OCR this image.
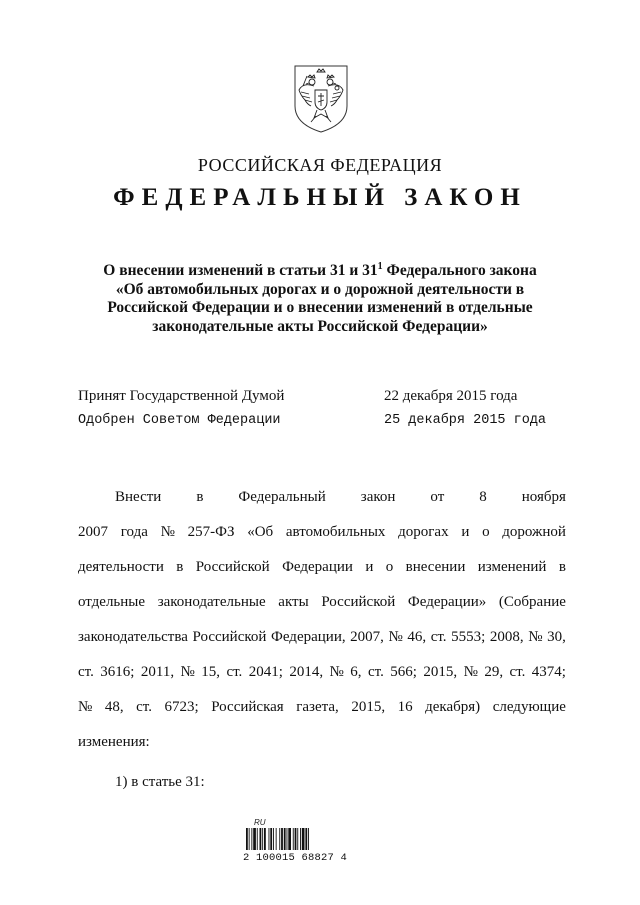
РОССИЙСКАЯ ФЕДЕРАЦИЯ
ФЕДЕРАЛЬНЫЙ ЗАКОН
О внесении изменений в статьи 31 и $31^1$ Федерального закона
«Об автомобильных дорогах и о дорожной деятельности в
Российской Федерации и о внесении изменений в отдельные
законодательные акты Российской Федерации»
Принят Государственной Думой	22 декабря 2015 года
Одобрен Советом Федерации	25 декабря 2015 года
Внести в Федеральный закон от 8 ноября
2007 года № 257-ФЗ «Об автомобильных дорогах и о дорожной
деятельности в Российской Федерации и о внесении изменений в
отдельные законодательные акты Российской Федерации» (Собрание
законодательства Российской Федерации, 2007, № 46, ст. 5553; 2008, № 30,
ст. 3616; 2011, № 15, ст. 2041; 2014, № 6, ст. 566; 2015, № 29, ст. 4374;
№ 48, ст. 6723; Российская газета, 2015, 16 декабря) следующие
изменения:
1) в статье 31:
RU
2 100015 68827 4
